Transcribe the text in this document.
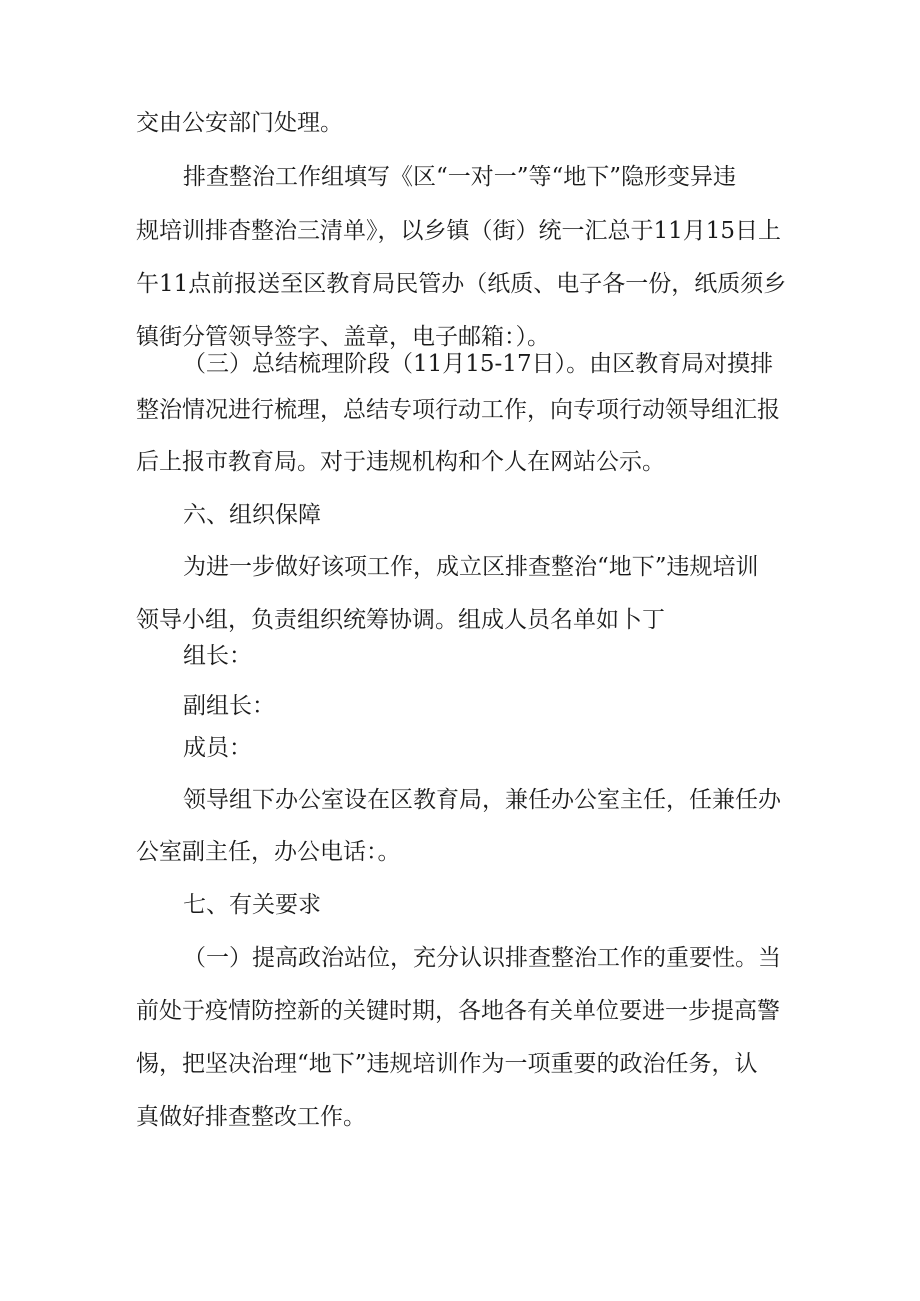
交由公安部门处理。
排查整治工作组填写《区“一对一”等“地下”隐形变异违
规培训排杳整治三清单》，以乡镇（街）统一汇总于11月15日上
午11点前报送至区教育局民管办（纸质、电子各一份，纸质须乡
镇街分管领导签字、盖章，电子邮箱：）。
（三）总结梳理阶段（11月15-17日）。由区教育局对摸排
整治情况进行梳理，总结专项行动工作，向专项行动领导组汇报
后上报市教育局。对于违规机构和个人在网站公示。
六、组织保障
为进一步做好该项工作，成立区排查整治“地下”违规培训
领导小组，负责组织统筹协调。组成人员名单如卜丁
组长：
副组长：
成员：
领导组下办公室设在区教育局，兼任办公室主任，任兼任办
公室副主任，办公电话：。
七、有关要求
（一）提高政治站位，充分认识排查整治工作的重要性。当
前处于疫情防控新的关键时期，各地各有关单位要进一步提高警
惕，把坚决治理“地下”违规培训作为一项重要的政治任务，认
真做好排查整改工作。
